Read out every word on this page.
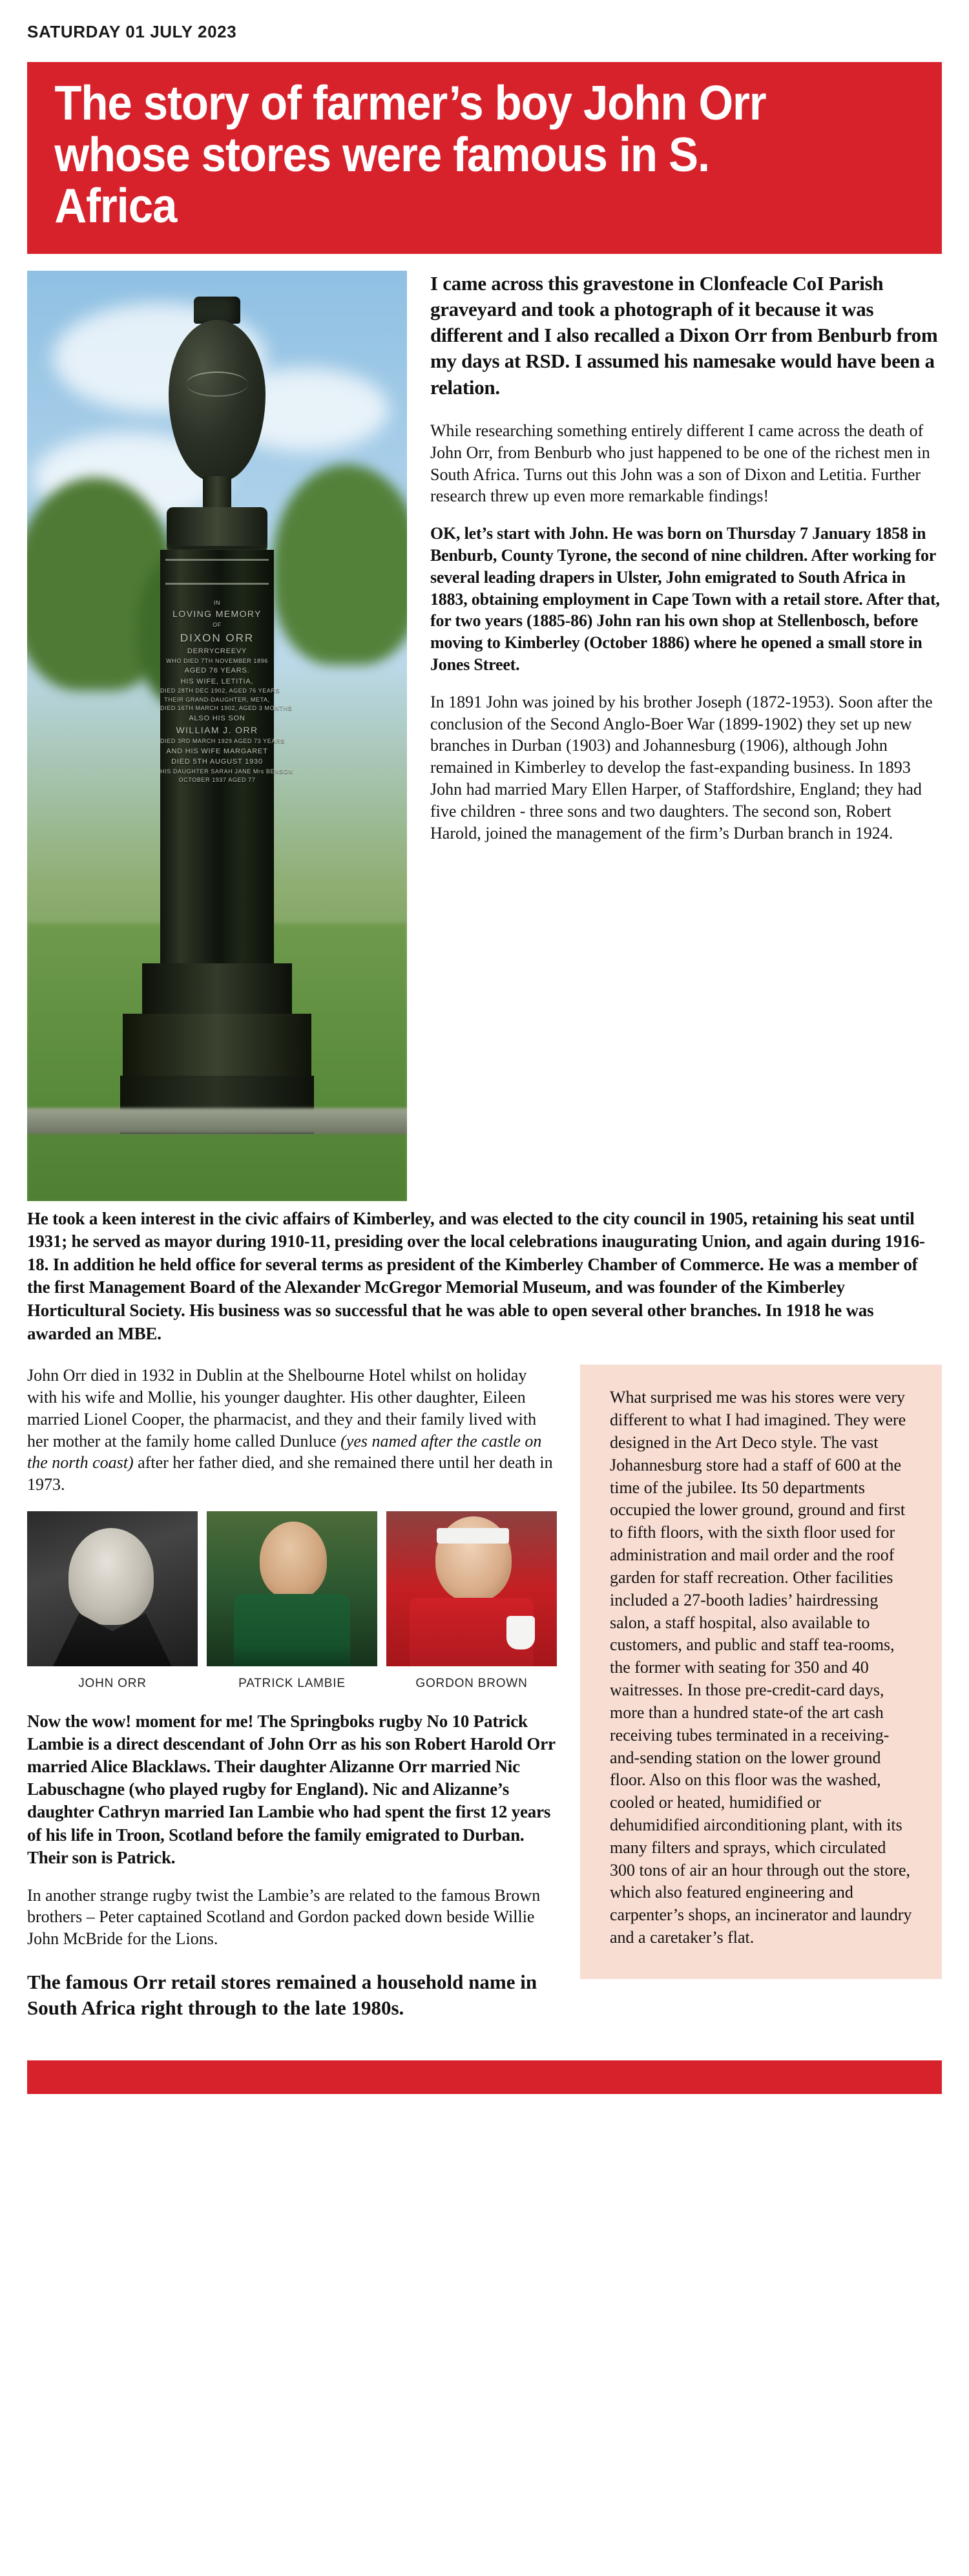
SATURDAY 01 JULY 2023
The story of farmer’s boy John Orr whose stores were famous in S. Africa
IN
LOVING MEMORY
OF
DIXON ORR
DERRYCREEVY
WHO DIED 7TH NOVEMBER 1896
AGED 76 YEARS.
HIS WIFE, LETITIA,
DIED 28TH DEC 1902, AGED 76 YEARS
THEIR GRAND-DAUGHTER, META,
DIED 16TH MARCH 1902, AGED 3 MONTHS
ALSO HIS SON
WILLIAM J. ORR
DIED 3RD MARCH 1929 AGED 73 YEARS
AND HIS WIFE MARGARET
DIED 5TH AUGUST 1930
HIS DAUGHTER SARAH JANE Mrs BENSON
OCTOBER 1937 AGED 77

I came across this gravestone in Clonfeacle CoI Parish graveyard and took a photograph of it because it was different and I also recalled a Dixon Orr from Benburb from my days at RSD. I assumed his namesake would have been a relation.

While researching something entirely different I came across the death of John Orr, from Benburb who just happened to be one of the richest men in South Africa. Turns out this John was a son of Dixon and Letitia. Further research threw up even more remarkable findings!

OK, let’s start with John. He was born on Thursday 7 January 1858 in Benburb, County Tyrone, the second of nine children. After working for several leading drapers in Ulster, John emigrated to South Africa in 1883, obtaining employment in Cape Town with a retail store. After that, for two years (1885-86) John ran his own shop at Stellenbosch, before moving to Kimberley (October 1886) where he opened a small store in Jones Street.

In 1891 John was joined by his brother Joseph (1872-1953). Soon after the conclusion of the Second Anglo-Boer War (1899-1902) they set up new branches in Durban (1903) and Johannesburg (1906), although John remained in Kimberley to develop the fast-expanding business. In 1893 John had married Mary Ellen Harper, of Staffordshire, England; they had five children - three sons and two daughters. The second son, Robert Harold, joined the management of the firm’s Durban branch in 1924.

He took a keen interest in the civic affairs of Kimberley, and was elected to the city council in 1905, retaining his seat until 1931; he served as mayor during 1910-11, presiding over the local celebrations inaugurating Union, and again during 1916-18. In addition he held office for several terms as president of the Kimberley Chamber of Commerce. He was a member of the first Management Board of the Alexander McGregor Memorial Museum, and was founder of the Kimberley Horticultural Society. His business was so successful that he was able to open several other branches. In 1918 he was awarded an MBE.

John Orr died in 1932 in Dublin at the Shelbourne Hotel whilst on holiday with his wife and Mollie, his younger daughter. His other daughter, Eileen married Lionel Cooper, the pharmacist, and they and their family lived with her mother at the family home called Dunluce (yes named after the castle on the north coast) after her father died, and she remained there until her death in 1973.

JOHN ORR	PATRICK LAMBIE	GORDON BROWN

Now the wow! moment for me! The Springboks rugby No 10 Patrick Lambie is a direct descendant of John Orr as his son Robert Harold Orr married Alice Blacklaws. Their daughter Alizanne Orr married Nic Labuschagne (who played rugby for England). Nic and Alizanne’s daughter Cathryn married Ian Lambie who had spent the first 12 years of his life in Troon, Scotland before the family emigrated to Durban. Their son is Patrick.

In another strange rugby twist the Lambie’s are related to the famous Brown brothers – Peter captained Scotland and Gordon packed down beside Willie John McBride for the Lions.

The famous Orr retail stores remained a household name in South Africa right through to the late 1980s.

What surprised me was his stores were very different to what I had imagined. They were designed in the Art Deco style. The vast Johannesburg store had a staff of 600 at the time of the jubilee. Its 50 departments occupied the lower ground, ground and first to fifth floors, with the sixth floor used for administration and mail order and the roof garden for staff recreation. Other facilities included a 27-booth ladies’ hairdressing salon, a staff hospital, also available to customers, and public and staff tea-rooms, the former with seating for 350 and 40 waitresses. In those pre-credit-card days, more than a hundred state-of the art cash receiving tubes terminated in a receiving-and-sending station on the lower ground floor. Also on this floor was the washed, cooled or heated, humidified or dehumidified airconditioning plant, with its many filters and sprays, which circulated 300 tons of air an hour through out the store, which also featured engineering and carpenter’s shops, an incinerator and laundry and a caretaker’s flat.
